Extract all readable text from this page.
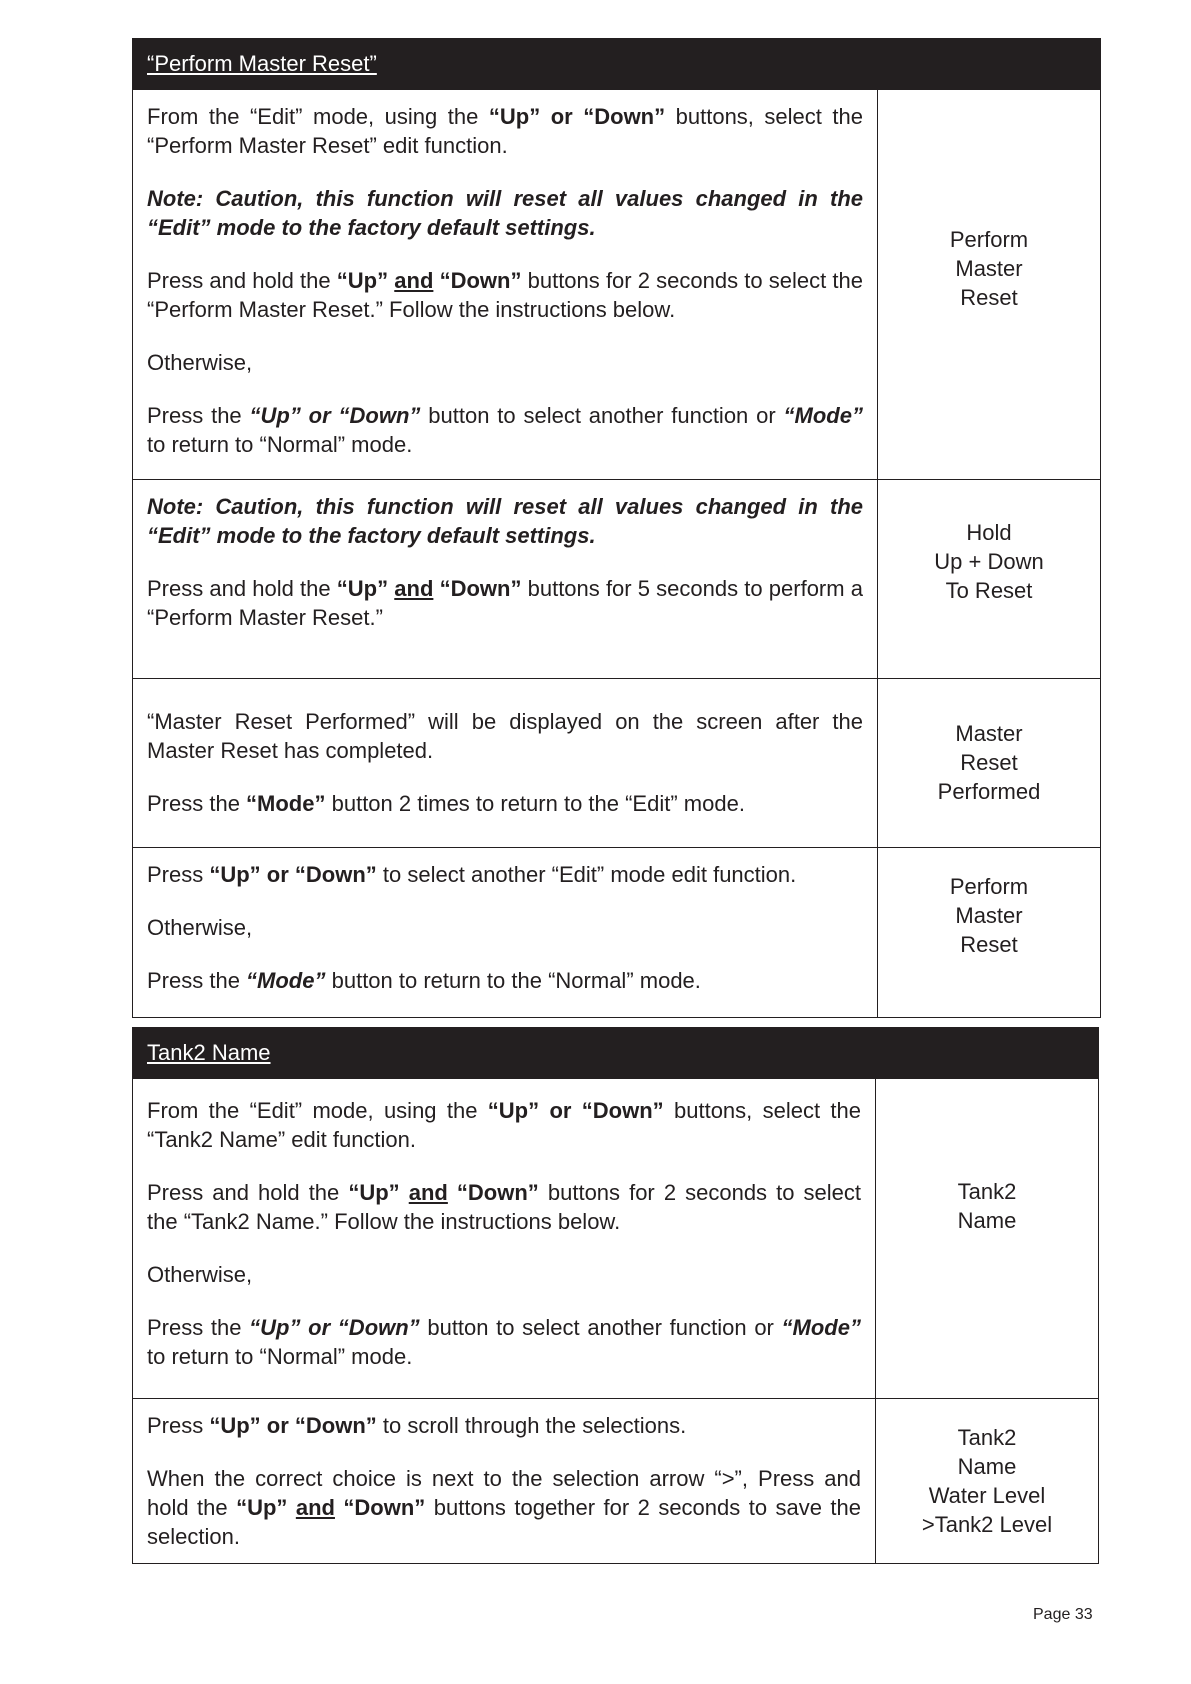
“Perform Master Reset”

From the “Edit” mode, using the “Up” or “Down” buttons, select the “Perform Master Reset” edit function.

Note: Caution, this function will reset all values changed in the “Edit” mode to the factory default settings.

Press and hold the “Up” and “Down” buttons for 2 seconds to select the “Perform Master Reset.” Follow the instructions below.

Otherwise,

Press the “Up” or “Down” button to select another function or “Mode” to return to “Normal” mode.

Perform
Master
Reset

Note: Caution, this function will reset all values changed in the “Edit” mode to the factory default settings.

Press and hold the “Up” and “Down” buttons for 5 seconds to perform a “Perform Master Reset.”

Hold
Up + Down
To Reset

“Master Reset Performed” will be displayed on the screen after the Master Reset has completed.

Press the “Mode” button 2 times to return to the “Edit” mode.

Master
Reset
Performed

Press “Up” or “Down” to select another “Edit” mode edit function.

Otherwise,

Press the “Mode” button to return to the “Normal” mode.

Perform
Master
Reset
Tank2 Name

From the “Edit” mode, using the “Up” or “Down” buttons, select the “Tank2 Name” edit function.

Press and hold the “Up” and “Down” buttons for 2 seconds to select the “Tank2 Name.” Follow the instructions below.

Otherwise,

Press the “Up” or “Down” button to select another function or “Mode” to return to “Normal” mode.

Tank2
Name

Press “Up” or “Down” to scroll through the selections.

When the correct choice is next to the selection arrow “>”, Press and hold the “Up” and “Down” buttons together for 2 seconds to save the selection.

Tank2
Name
Water Level
>Tank2 Level
Page 33
